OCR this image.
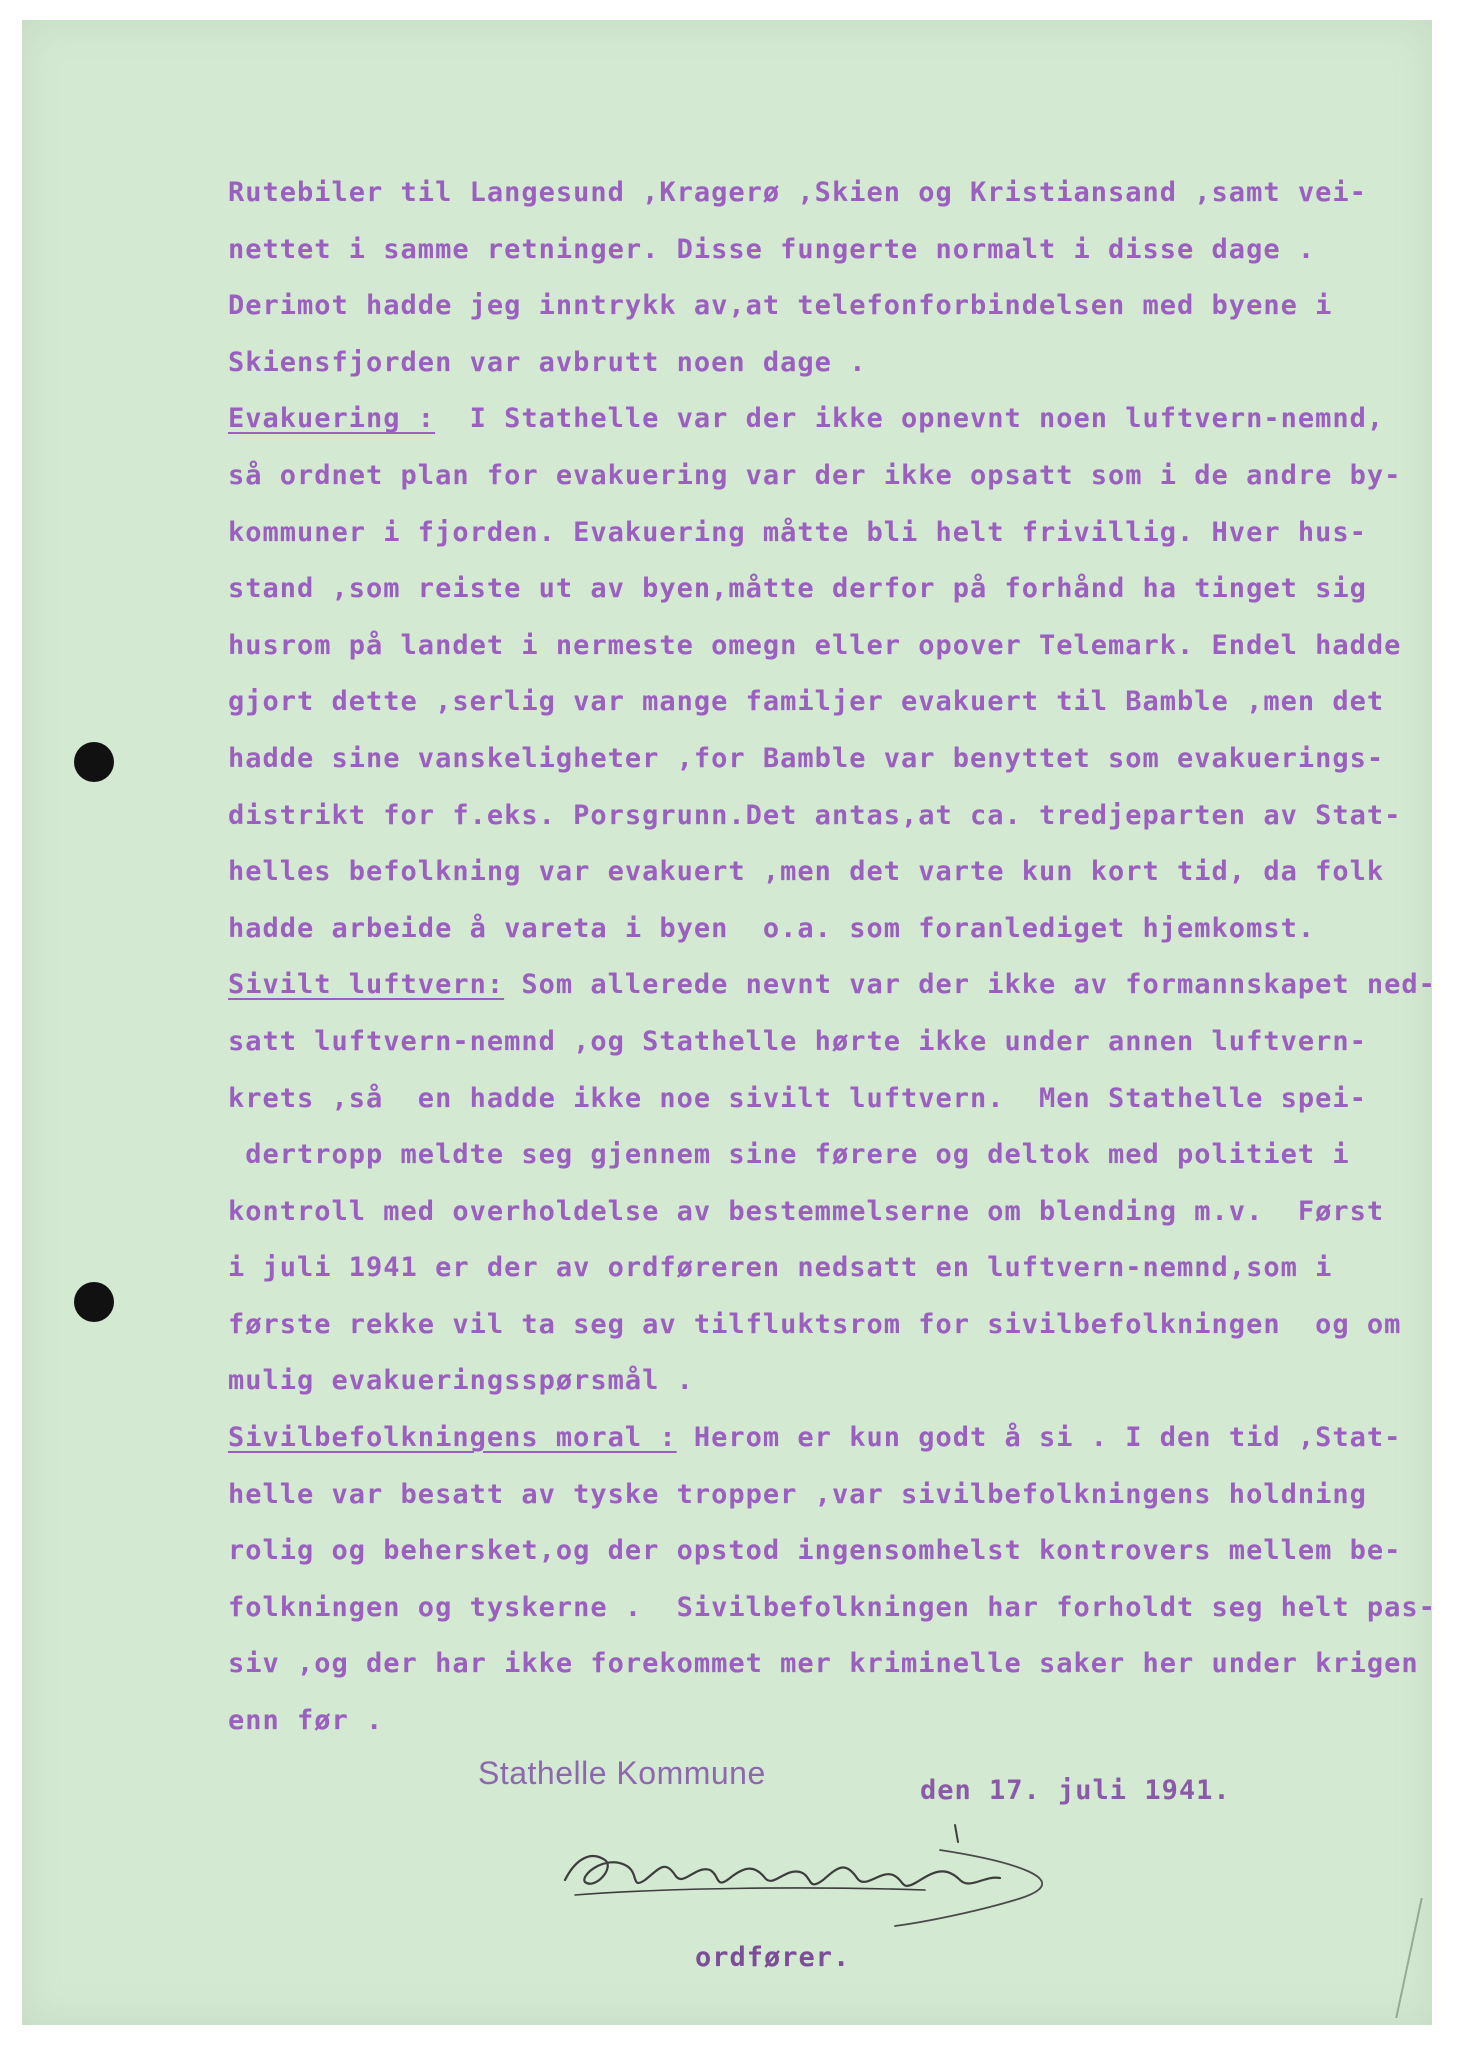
Rutebiler til Langesund ,Kragerø ,Skien og Kristiansand ,samt vei-
nettet i samme retninger. Disse fungerte normalt i disse dage .
Derimot hadde jeg inntrykk av,at telefonforbindelsen med byene i
Skiensfjorden var avbrutt noen dage .
Evakuering :  I Stathelle var der ikke opnevnt noen luftvern-nemnd,
så ordnet plan for evakuering var der ikke opsatt som i de andre by-
kommuner i fjorden. Evakuering måtte bli helt frivillig. Hver hus-
stand ,som reiste ut av byen,måtte derfor på forhånd ha tinget sig
husrom på landet i nermeste omegn eller opover Telemark. Endel hadde
gjort dette ,serlig var mange familjer evakuert til Bamble ,men det
hadde sine vanskeligheter ,for Bamble var benyttet som evakuerings-
distrikt for f.eks. Porsgrunn.Det antas,at ca. tredjeparten av Stat-
helles befolkning var evakuert ,men det varte kun kort tid, da folk
hadde arbeide å vareta i byen  o.a. som foranlediget hjemkomst.
Sivilt luftvern: Som allerede nevnt var der ikke av formannskapet ned-
satt luftvern-nemnd ,og Stathelle hørte ikke under annen luftvern-
krets ,så  en hadde ikke noe sivilt luftvern.  Men Stathelle spei-
dertropp meldte seg gjennem sine førere og deltok med politiet i
kontroll med overholdelse av bestemmelserne om blending m.v.  Først
i juli 1941 er der av ordføreren nedsatt en luftvern-nemnd,som i
første rekke vil ta seg av tilfluktsrom for sivilbefolkningen  og om
mulig evakueringsspørsmål .
Sivilbefolkningens moral : Herom er kun godt å si . I den tid ,Stat-
helle var besatt av tyske tropper ,var sivilbefolkningens holdning
rolig og behersket,og der opstod ingensomhelst kontrovers mellem be-
folkningen og tyskerne .  Sivilbefolkningen har forholdt seg helt pas-
siv ,og der har ikke forekommet mer kriminelle saker her under krigen
enn før .
Stathelle Kommune	den 17. juli 1941.
ordfører.
